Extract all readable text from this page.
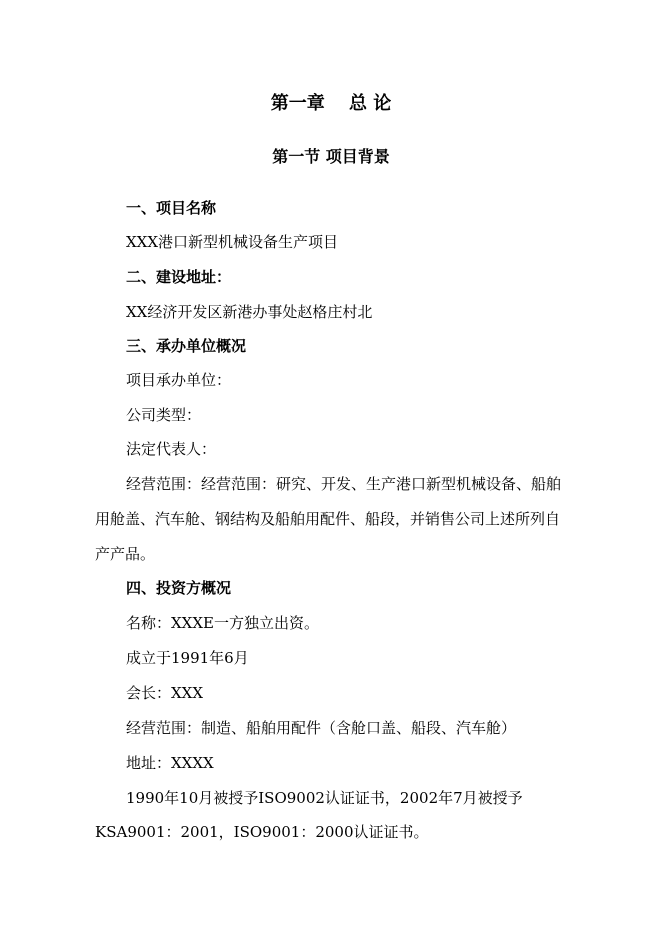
第一章　 总 论
第一节 项目背景
一、项目名称
XXX港口新型机械设备生产项目
二、建设地址：
XX经济开发区新港办事处赵格庄村北
三、承办单位概况
项目承办单位：
公司类型：
法定代表人：
经营范围：经营范围：研究、开发、生产港口新型机械设备、船舶
用舱盖、汽车舱、钢结构及船舶用配件、船段，并销售公司上述所列自
产产品。
四、投资方概况
名称：XXXE一方独立出资。
成立于1991年6月
会长：XXX
经营范围：制造、船舶用配件（含舱口盖、船段、汽车舱）
地址：XXXX
1990年10月被授予ISO9002认证证书，2002年7月被授予
KSA9001：2001，ISO9001：2000认证证书。
